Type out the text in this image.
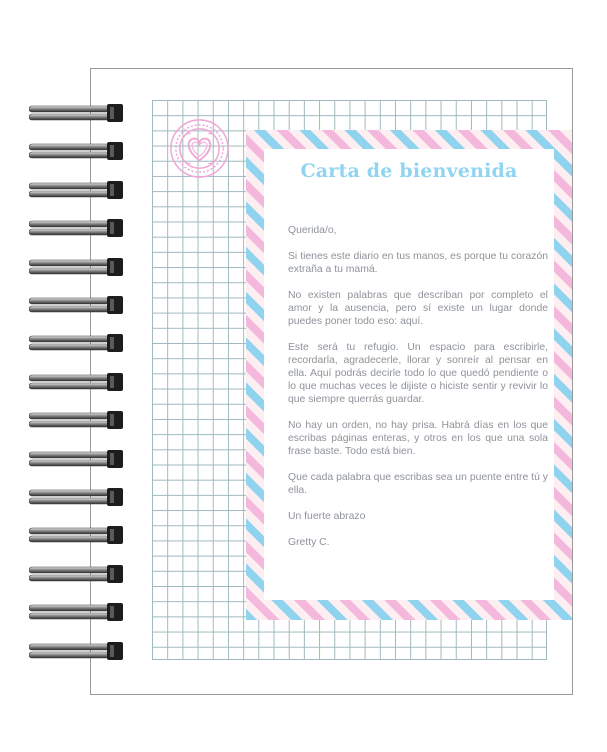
Carta de bienvenida

Querida/o,

Si tienes este diario en tus manos, es porque tu corazón extraña a tu mamá.

No existen palabras que describan por completo el amor y la ausencia, pero sí existe un lugar donde puedes poner todo eso: aquí.

Este será tu refugio. Un espacio para escribirle, recordarla, agradecerle, llorar y sonreír al pensar en ella. Aquí podrás decirle todo lo que quedó pendiente o lo que muchas veces le dijiste o hiciste sentir y revivir lo que siempre querrás guardar.

No hay un orden, no hay prisa. Habrá días en los que escribas páginas enteras, y otros en los que una sola frase baste. Todo está bien.

Que cada palabra que escribas sea un puente entre tú y ella.

Un fuerte abrazo

Gretty C.
